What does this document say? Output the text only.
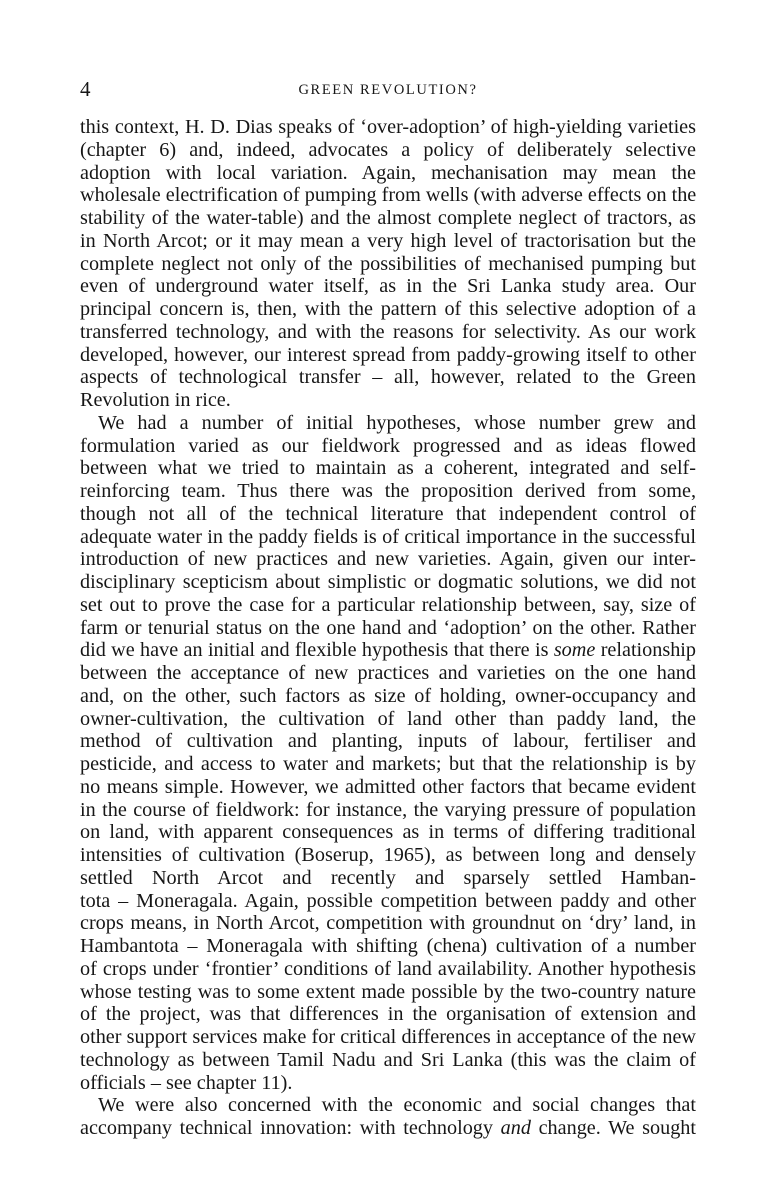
4	GREEN REVOLUTION?
this context, H. D. Dias speaks of ‘over-adoption’ of high-yielding varieties
(chapter 6) and, indeed, advocates a policy of deliberately selective
adoption with local variation. Again, mechanisation may mean the
wholesale electrification of pumping from wells (with adverse effects on the
stability of the water-table) and the almost complete neglect of tractors, as
in North Arcot; or it may mean a very high level of tractorisation but the
complete neglect not only of the possibilities of mechanised pumping but
even of underground water itself, as in the Sri Lanka study area. Our
principal concern is, then, with the pattern of this selective adoption of a
transferred technology, and with the reasons for selectivity. As our work
developed, however, our interest spread from paddy-growing itself to other
aspects of technological transfer – all, however, related to the Green
Revolution in rice.
We had a number of initial hypotheses, whose number grew and
formulation varied as our fieldwork progressed and as ideas flowed
between what we tried to maintain as a coherent, integrated and self-
reinforcing team. Thus there was the proposition derived from some,
though not all of the technical literature that independent control of
adequate water in the paddy fields is of critical importance in the successful
introduction of new practices and new varieties. Again, given our inter-
disciplinary scepticism about simplistic or dogmatic solutions, we did not
set out to prove the case for a particular relationship between, say, size of
farm or tenurial status on the one hand and ‘adoption’ on the other. Rather
did we have an initial and flexible hypothesis that there is some relationship
between the acceptance of new practices and varieties on the one hand
and, on the other, such factors as size of holding, owner-occupancy and
owner-cultivation, the cultivation of land other than paddy land, the
method of cultivation and planting, inputs of labour, fertiliser and
pesticide, and access to water and markets; but that the relationship is by
no means simple. However, we admitted other factors that became evident
in the course of fieldwork: for instance, the varying pressure of population
on land, with apparent consequences as in terms of differing traditional
intensities of cultivation (Boserup, 1965), as between long and densely
settled North Arcot and recently and sparsely settled Hamban-
tota – Moneragala. Again, possible competition between paddy and other
crops means, in North Arcot, competition with groundnut on ‘dry’ land, in
Hambantota – Moneragala with shifting (chena) cultivation of a number
of crops under ‘frontier’ conditions of land availability. Another hypothesis
whose testing was to some extent made possible by the two-country nature
of the project, was that differences in the organisation of extension and
other support services make for critical differences in acceptance of the new
technology as between Tamil Nadu and Sri Lanka (this was the claim of
officials – see chapter 11).
We were also concerned with the economic and social changes that
accompany technical innovation: with technology and change. We sought
